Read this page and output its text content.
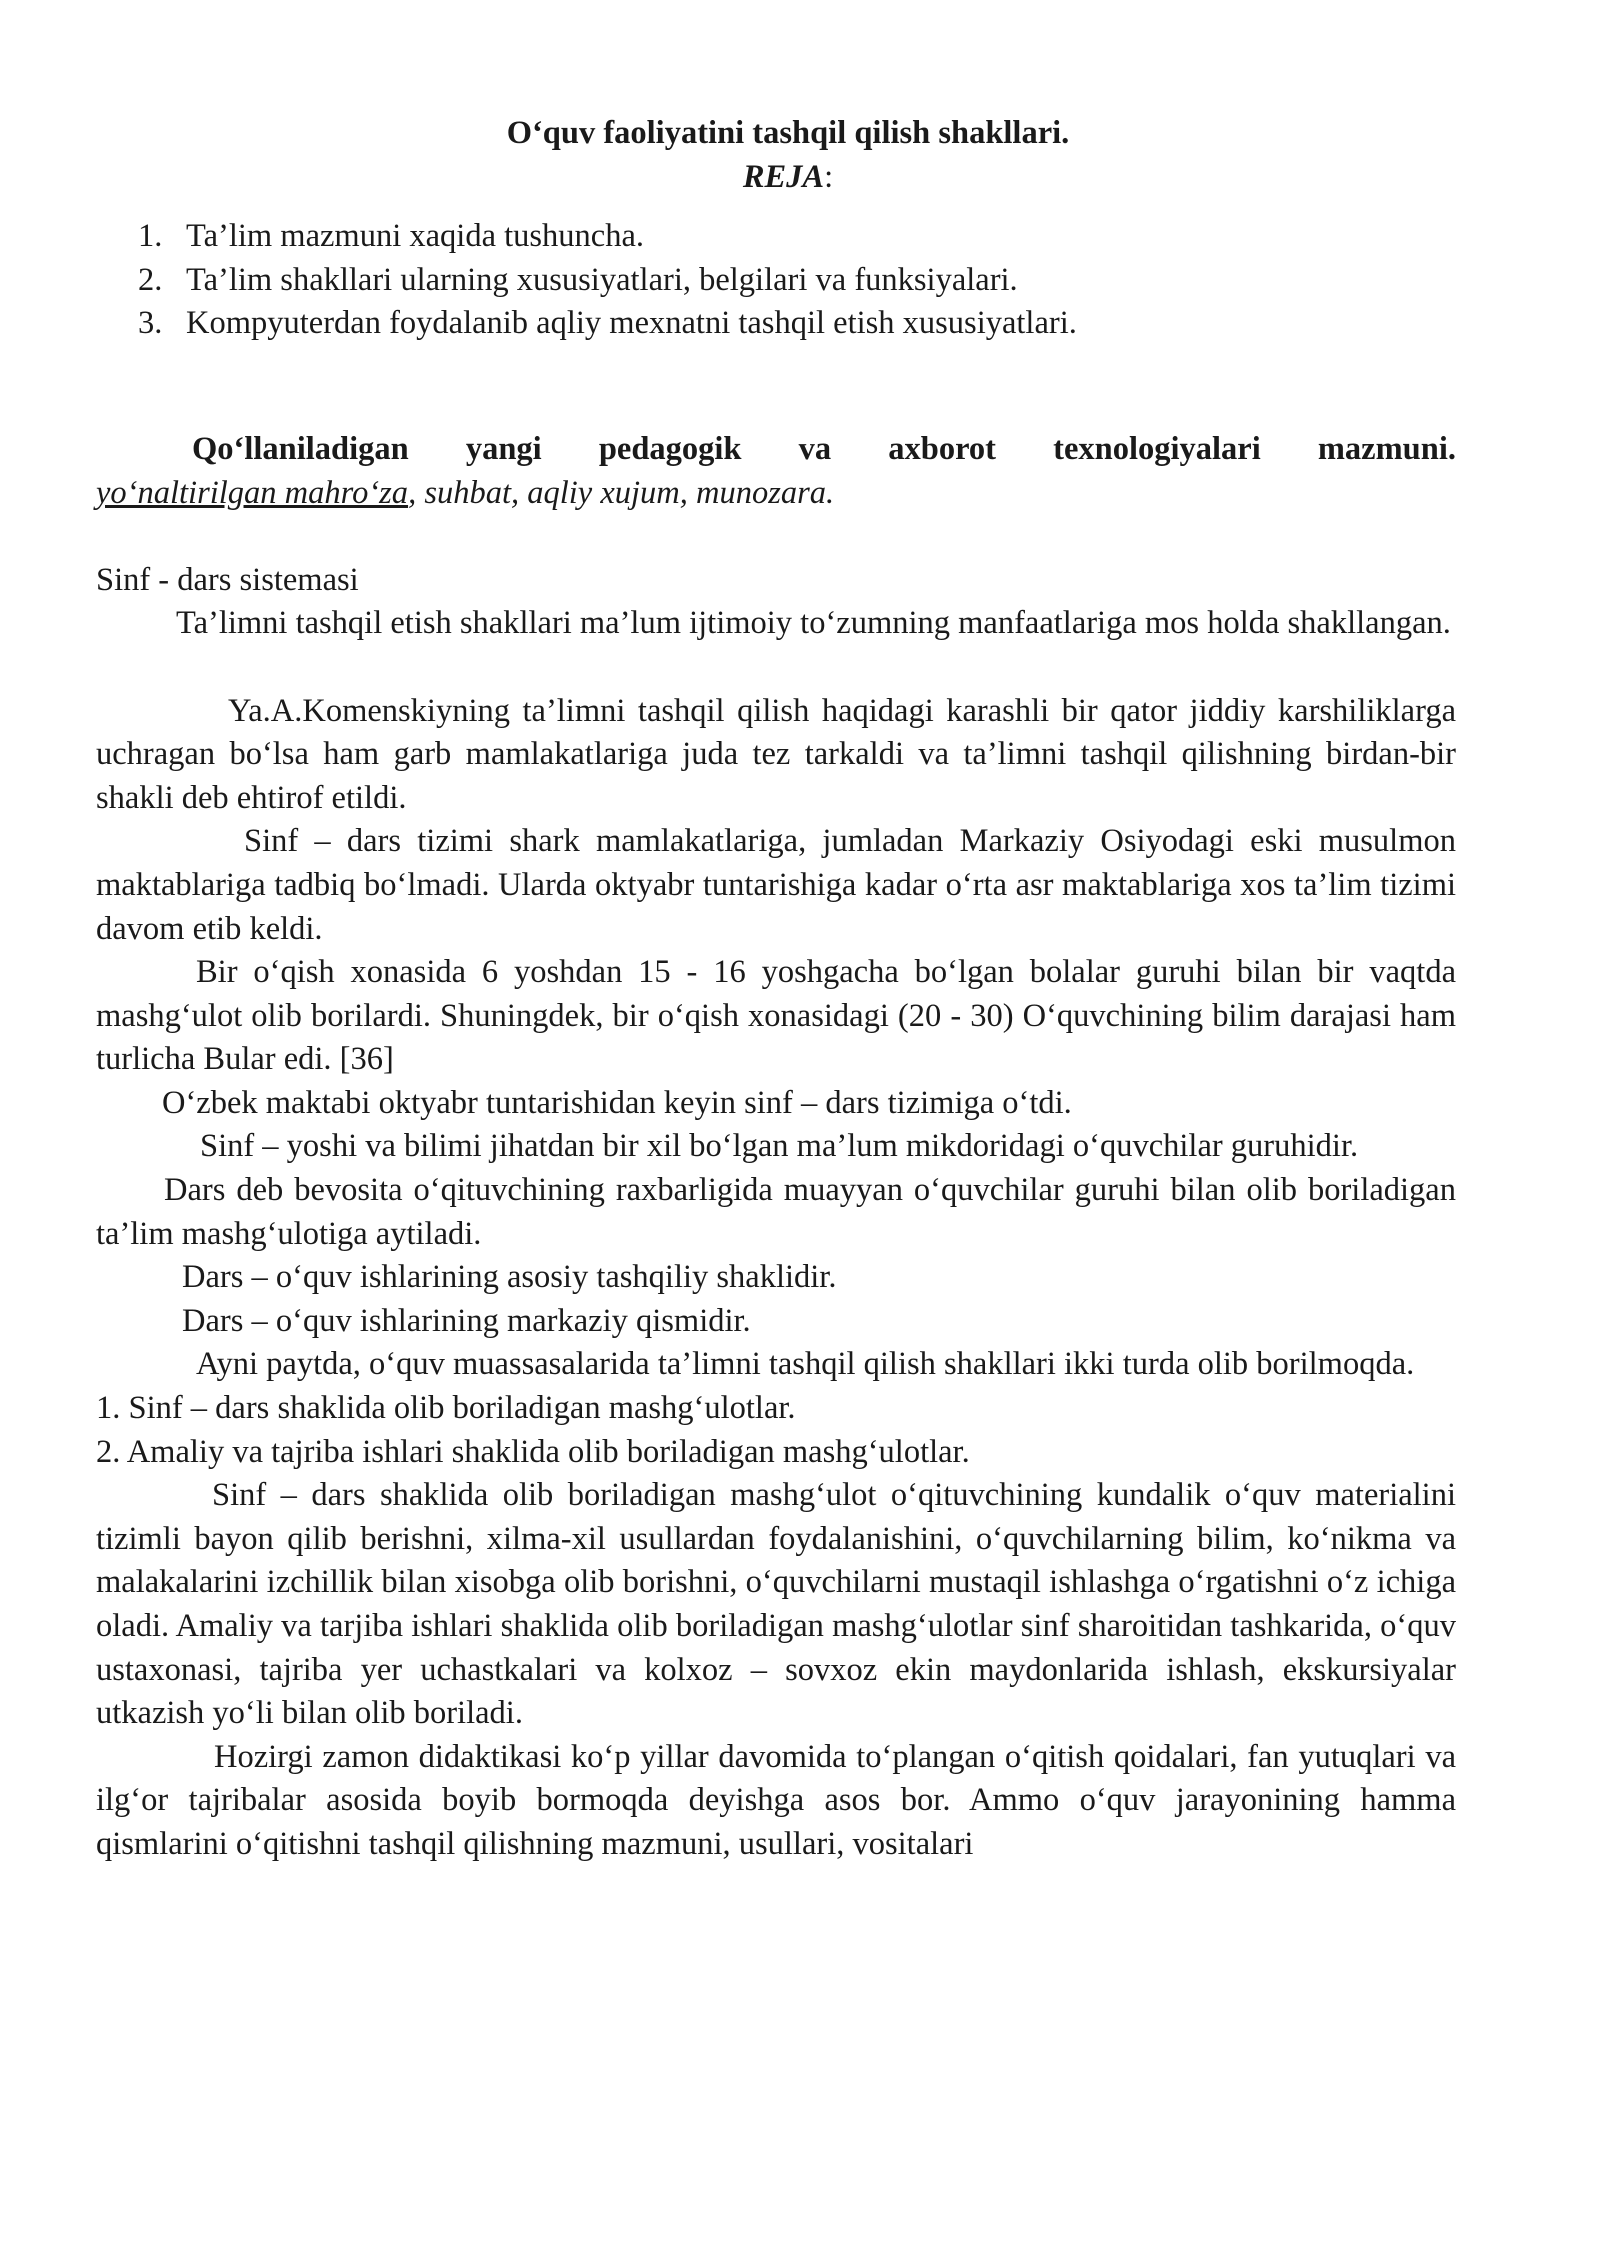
O‘quv faoliyatini tashqil qilish shakllari.

REJA:

1. Ta’lim mazmuni xaqida tushuncha.
2. Ta’lim shakllari ularning xususiyatlari, belgilari va funksiyalari.
3. Kompyuterdan foydalanib aqliy mexnatni tashqil etish xususiyatlari.

Qo‘llaniladigan yangi pedagogik va axborot texnologiyalari mazmuni.

yo‘naltirilgan mahro‘za, suhbat, aqliy xujum, munozara.

Sinf - dars sistemasi

Ta’limni tashqil etish shakllari ma’lum ijtimoiy to‘zumning manfaatlariga mos holda shakllangan.

Ya.A.Komenskiyning ta’limni tashqil qilish haqidagi karashli bir qator jiddiy karshiliklarga uchragan bo‘lsa ham garb mamlakatlariga juda tez tarkaldi va ta’limni tashqil qilishning birdan-bir shakli deb ehtirof etildi.

Sinf – dars tizimi shark mamlakatlariga, jumladan Markaziy Osiyodagi eski musulmon maktablariga tadbiq bo‘lmadi. Ularda oktyabr tuntarishiga kadar o‘rta asr maktablariga xos ta’lim tizimi davom etib keldi.

Bir o‘qish xonasida 6 yoshdan 15 - 16 yoshgacha bo‘lgan bolalar guruhi bilan bir vaqtda mashg‘ulot olib borilardi. Shuningdek, bir o‘qish xonasidagi (20 - 30) O‘quvchining bilim darajasi ham turlicha Bular edi. [36]

O‘zbek maktabi oktyabr tuntarishidan keyin sinf – dars tizimiga o‘tdi.

Sinf – yoshi va bilimi jihatdan bir xil bo‘lgan ma’lum mikdoridagi o‘quvchilar guruhidir.

Dars deb bevosita o‘qituvchining raxbarligida muayyan o‘quvchilar guruhi bilan olib boriladigan ta’lim mashg‘ulotiga aytiladi.

Dars – o‘quv ishlarining asosiy tashqiliy shaklidir.

Dars – o‘quv ishlarining markaziy qismidir.

Ayni paytda, o‘quv muassasalarida ta’limni tashqil qilish shakllari ikki turda olib borilmoqda.

1. Sinf – dars shaklida olib boriladigan mashg‘ulotlar.

2. Amaliy va tajriba ishlari shaklida olib boriladigan mashg‘ulotlar.

Sinf – dars shaklida olib boriladigan mashg‘ulot o‘qituvchining kundalik o‘quv materialini tizimli bayon qilib berishni, xilma-xil usullardan foydalanishini, o‘quvchilarning bilim, ko‘nikma va malakalarini izchillik bilan xisobga olib borishni, o‘quvchilarni mustaqil ishlashga o‘rgatishni o‘z ichiga oladi. Amaliy va tarjiba ishlari shaklida olib boriladigan mashg‘ulotlar sinf sharoitidan tashkarida, o‘quv ustaxonasi, tajriba yer uchastkalari va kolxoz – sovxoz ekin maydonlarida ishlash, ekskursiyalar utkazish yo‘li bilan olib boriladi.

Hozirgi zamon didaktikasi ko‘p yillar davomida to‘plangan o‘qitish qoidalari, fan yutuqlari va ilg‘or tajribalar asosida boyib bormoqda deyishga asos bor. Ammo o‘quv jarayonining hamma qismlarini o‘qitishni tashqil qilishning mazmuni, usullari, vositalari
